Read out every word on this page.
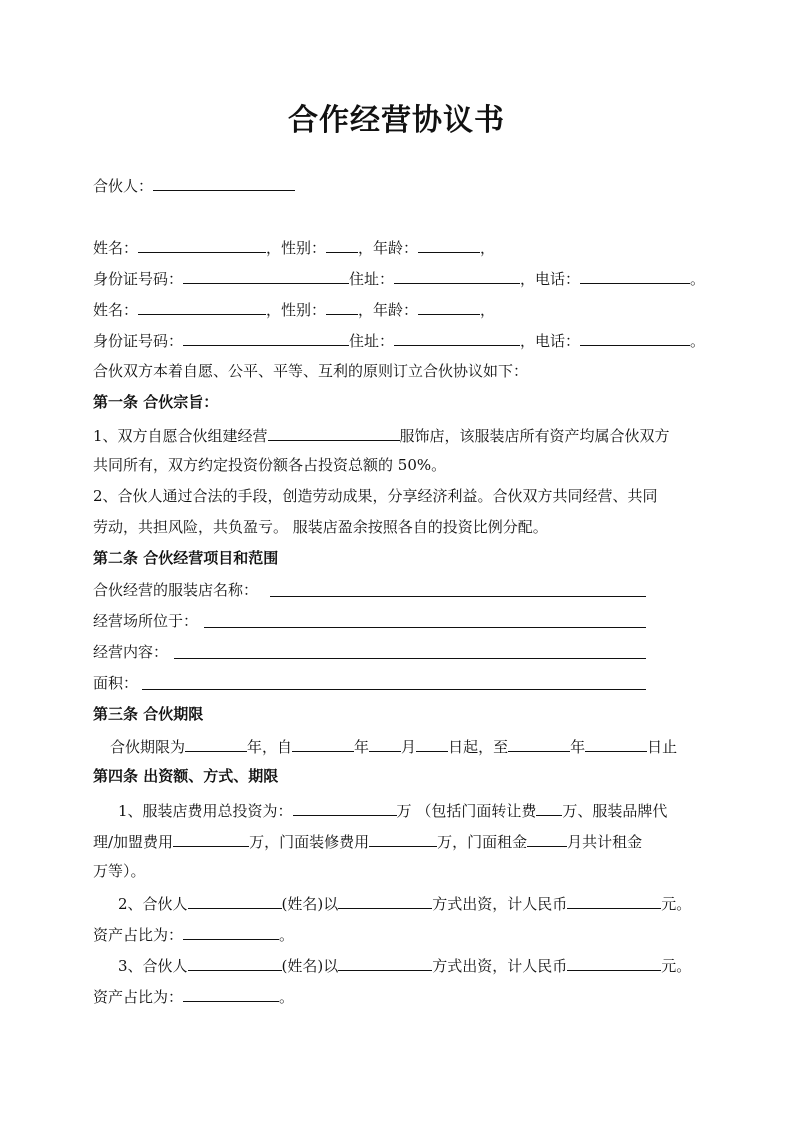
合作经营协议书
合伙人：
姓名：	，性别： ，年龄：	，
身份证号码：	住址：	，电话：	。
姓名：	，性别： ，年龄：	，
身份证号码：	住址：	，电话：	。
合伙双方本着自愿、公平、平等、互利的原则订立合伙协议如下：
第一条 合伙宗旨：
1、双方自愿合伙组建经营	服饰店，该服装店所有资产均属合伙双方
共同所有，双方约定投资份额各占投资总额的 50%。
2、合伙人通过合法的手段，创造劳动成果，分享经济利益。合伙双方共同经营、共同
劳动，共担风险，共负盈亏。 服装店盈余按照各自的投资比例分配。
第二条 合伙经营项目和范围
合伙经营的服装店名称：
经营场所位于：
经营内容：
面积：
第三条 合伙期限
合伙期限为	年，自	年 月 日起，至	年	日止
第四条 出资额、方式、期限
1、服装店费用总投资为：	万 （包括门面转让费 万、服装品牌代
理/加盟费用	万，门面装修费用	万，门面租金	月共计租金
万等）。
2、合伙人	(姓名)以	方式出资，计人民币	元。
资产占比为：	。
3、合伙人	(姓名)以	方式出资，计人民币	元。
资产占比为：	。
